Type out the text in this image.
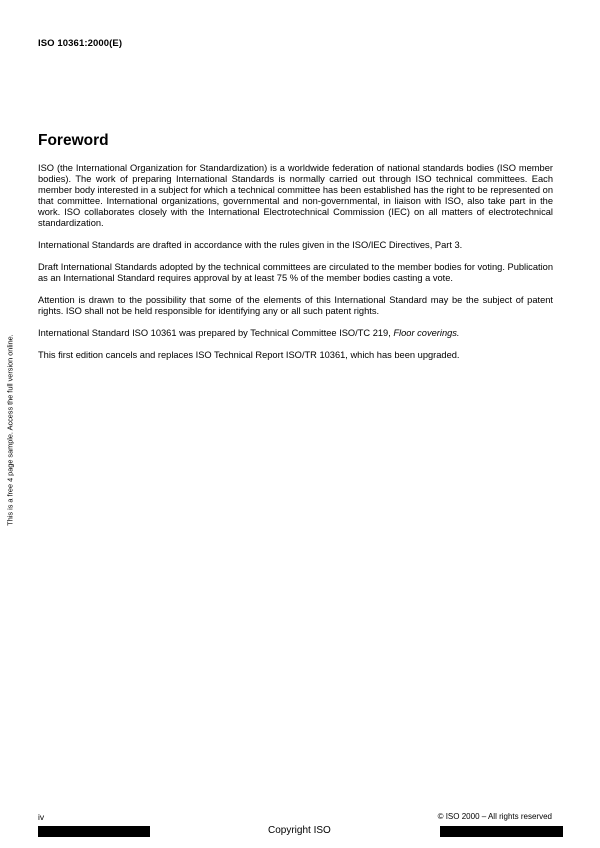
ISO 10361:2000(E)
Foreword

ISO (the International Organization for Standardization) is a worldwide federation of national standards bodies (ISO member bodies). The work of preparing International Standards is normally carried out through ISO technical committees. Each member body interested in a subject for which a technical committee has been established has the right to be represented on that committee. International organizations, governmental and non-governmental, in liaison with ISO, also take part in the work. ISO collaborates closely with the International Electrotechnical Commission (IEC) on all matters of electrotechnical standardization.

International Standards are drafted in accordance with the rules given in the ISO/IEC Directives, Part 3.

Draft International Standards adopted by the technical committees are circulated to the member bodies for voting. Publication as an International Standard requires approval by at least 75 % of the member bodies casting a vote.

Attention is drawn to the possibility that some of the elements of this International Standard may be the subject of patent rights. ISO shall not be held responsible for identifying any or all such patent rights.

International Standard ISO 10361 was prepared by Technical Committee ISO/TC 219, Floor coverings.

This first edition cancels and replaces ISO Technical Report ISO/TR 10361, which has been upgraded.

This is a free 4 page sample. Access the full version online.
iv	© ISO 2000 – All rights reserved
Copyright ISO
